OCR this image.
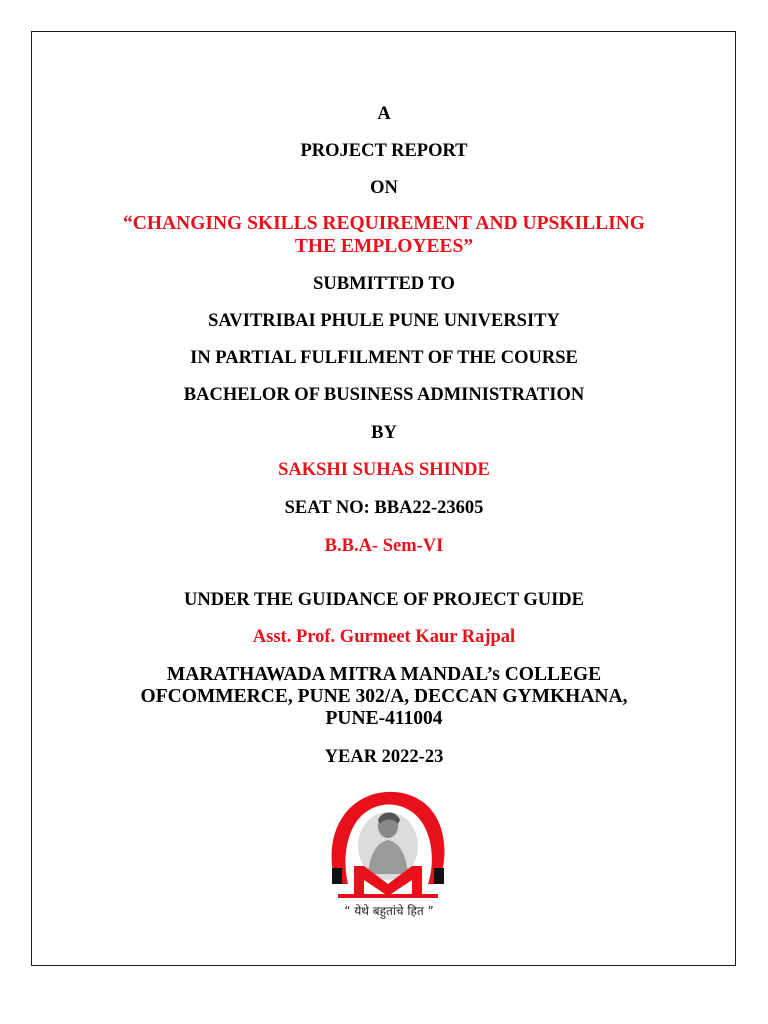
A
PROJECT REPORT
ON
“CHANGING SKILLS REQUIREMENT AND UPSKILLING
THE EMPLOYEES”
SUBMITTED TO
SAVITRIBAI PHULE PUNE UNIVERSITY
IN PARTIAL FULFILMENT OF THE COURSE
BACHELOR OF BUSINESS ADMINISTRATION
BY
SAKSHI SUHAS SHINDE
SEAT NO: BBA22-23605
B.B.A- Sem-VI
UNDER THE GUIDANCE OF PROJECT GUIDE
Asst. Prof. Gurmeet Kaur Rajpal
MARATHAWADA MITRA MANDAL’s COLLEGE
OFCOMMERCE, PUNE 302/A, DECCAN GYMKHANA,
PUNE-411004
YEAR 2022-23
“ येथे बहुतांचे हित ”
